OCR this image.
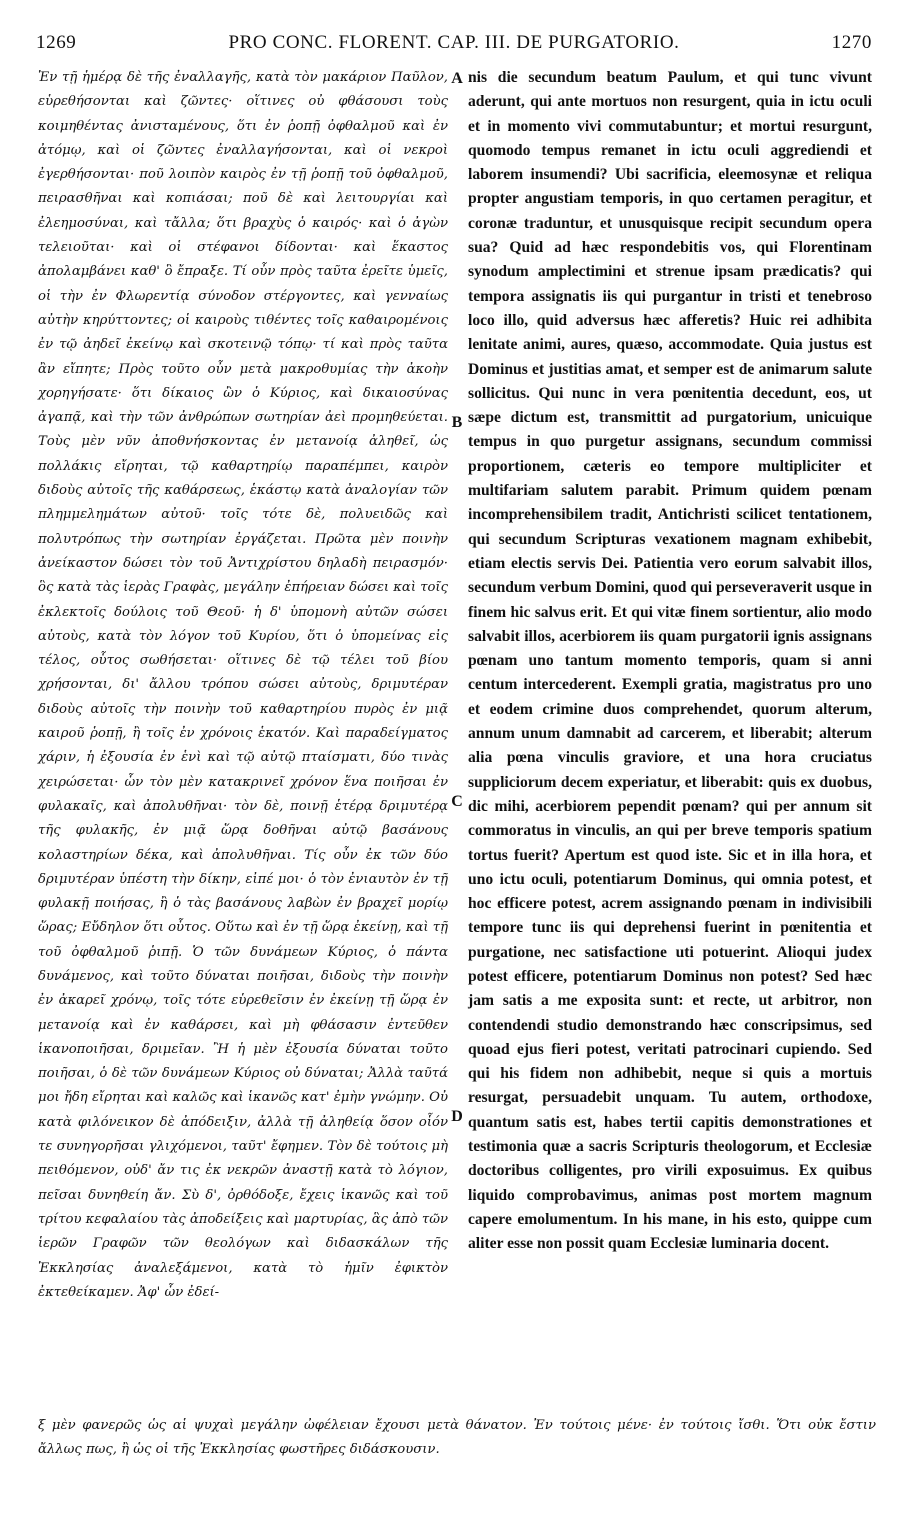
1269	PRO CONC. FLORENT. CAP. III. DE PURGATORIO.	1270

Ἐν τῇ ἡμέρᾳ δὲ τῆς ἐναλλαγῆς, κατὰ τὸν μακάριον Παῦλον, εὑρεθήσονται καὶ ζῶντες· οἵτινες οὐ φθάσουσι τοὺς κοιμηθέντας ἀνισταμένους, ὅτι ἐν ῥοπῇ ὀφθαλμοῦ καὶ ἐν ἀτόμῳ, καὶ οἱ ζῶντες ἐναλλαγήσονται, καὶ οἱ νεκροὶ ἐγερθήσονται· ποῦ λοιπὸν καιρὸς ἐν τῇ ῥοπῇ τοῦ ὀφθαλμοῦ, πειρασθῆναι καὶ κοπιάσαι; ποῦ δὲ καὶ λειτουργίαι καὶ ἐλεημοσύναι, καὶ τἄλλα; ὅτι βραχὺς ὁ καιρός· καὶ ὁ ἀγὼν τελειοῦται· καὶ οἱ στέφανοι δίδονται· καὶ ἕκαστος ἀπολαμβάνει καθ' ὃ ἔπραξε. Τί οὖν πρὸς ταῦτα ἐρεῖτε ὑμεῖς, οἱ τὴν ἐν Φλωρεντίᾳ σύνοδον στέργοντες, καὶ γενναίως αὐτὴν κηρύττοντες; οἱ καιροὺς τιθέντες τοῖς καθαιρομένοις ἐν τῷ ἀηδεῖ ἐκείνῳ καὶ σκοτεινῷ τόπῳ· τί καὶ πρὸς ταῦτα ἂν εἴπητε; Πρὸς τοῦτο οὖν μετὰ μακροθυμίας τὴν ἀκοὴν χορηγήσατε· ὅτι δίκαιος ὢν ὁ Κύριος, καὶ δικαιοσύνας ἀγαπᾷ, καὶ τὴν τῶν ἀνθρώπων σωτηρίαν ἀεὶ προμηθεύεται. Τοὺς μὲν νῦν ἀποθνήσκοντας ἐν μετανοίᾳ ἀληθεῖ, ὡς πολλάκις εἴρηται, τῷ καθαρτηρίῳ παραπέμπει, καιρὸν διδοὺς αὐτοῖς τῆς καθάρσεως, ἑκάστῳ κατὰ ἀναλογίαν τῶν πλημμελημάτων αὐτοῦ· τοῖς τότε δὲ, πολυειδῶς καὶ πολυτρόπως τὴν σωτηρίαν ἐργάζεται. Πρῶτα μὲν ποινὴν ἀνείκαστον δώσει τὸν τοῦ Ἀντιχρίστου δηλαδὴ πειρασμόν· ὃς κατὰ τὰς ἱερὰς Γραφὰς, μεγάλην ἐπήρειαν δώσει καὶ τοῖς ἐκλεκτοῖς δούλοις τοῦ Θεοῦ· ἡ δ' ὑπομονὴ αὐτῶν σώσει αὐτοὺς, κατὰ τὸν λόγον τοῦ Κυρίου, ὅτι ὁ ὑπομείνας εἰς τέλος, οὗτος σωθήσεται· οἵτινες δὲ τῷ τέλει τοῦ βίου χρήσονται, δι' ἄλλου τρόπου σώσει αὐτοὺς, δριμυτέραν διδοὺς αὐτοῖς τὴν ποινὴν τοῦ καθαρτηρίου πυρὸς ἐν μιᾷ καιροῦ ῥοπῇ, ἢ τοῖς ἐν χρόνοις ἑκατόν. Καὶ παραδείγματος χάριν, ἡ ἐξουσία ἐν ἑνὶ καὶ τῷ αὐτῷ πταίσματι, δύο τινὰς χειρώσεται· ὧν τὸν μὲν κατακρινεῖ χρόνον ἕνα ποιῆσαι ἐν φυλακαῖς, καὶ ἀπολυθῆναι· τὸν δὲ, ποινῇ ἑτέρᾳ δριμυτέρᾳ τῆς φυλακῆς, ἐν μιᾷ ὥρᾳ δοθῆναι αὐτῷ βασάνους κολαστηρίων δέκα, καὶ ἀπολυθῆναι. Τίς οὖν ἐκ τῶν δύο δριμυτέραν ὑπέστη τὴν δίκην, εἰπέ μοι· ὁ τὸν ἐνιαυτὸν ἐν τῇ φυλακῇ ποιήσας, ἢ ὁ τὰς βασάνους λαβὼν ἐν βραχεῖ μορίῳ ὥρας; Εὔδηλον ὅτι οὗτος. Οὕτω καὶ ἐν τῇ ὥρᾳ ἐκείνῃ, καὶ τῇ τοῦ ὀφθαλμοῦ ῥιπῇ. Ὁ τῶν δυνάμεων Κύριος, ὁ πάντα δυνάμενος, καὶ τοῦτο δύναται ποιῆσαι, διδοὺς τὴν ποινὴν ἐν ἀκαρεῖ χρόνῳ, τοῖς τότε εὑρεθεῖσιν ἐν ἐκείνῃ τῇ ὥρᾳ ἐν μετανοίᾳ καὶ ἐν καθάρσει, καὶ μὴ φθάσασιν ἐντεῦθεν ἱκανοποιῆσαι, δριμεῖαν. Ἢ ἡ μὲν ἐξουσία δύναται τοῦτο ποιῆσαι, ὁ δὲ τῶν δυνάμεων Κύριος οὐ δύναται; Ἀλλὰ ταῦτά μοι ἤδη εἴρηται καὶ καλῶς καὶ ἱκανῶς κατ' ἐμὴν γνώμην. Οὐ κατὰ φιλόνεικον δὲ ἀπόδειξιν, ἀλλὰ τῇ ἀληθείᾳ ὅσον οἷόν τε συνηγορῆσαι γλιχόμενοι, ταῦτ' ἔφημεν. Τὸν δὲ τούτοις μὴ πειθόμενον, οὐδ' ἄν τις ἐκ νεκρῶν ἀναστῇ κατὰ τὸ λόγιον, πεῖσαι δυνηθείη ἄν. Σὺ δ', ὀρθόδοξε, ἔχεις ἱκανῶς καὶ τοῦ τρίτου κεφαλαίου τὰς ἀποδείξεις καὶ μαρτυρίας, ἃς ἀπὸ τῶν ἱερῶν Γραφῶν τῶν θεολόγων καὶ διδασκάλων τῆς Ἐκκλησίας ἀναλεξάμενοι, κατὰ τὸ ἡμῖν ἐφικτὸν ἐκτεθείκαμεν. Ἀφ' ὧν ἐδεί-

A
B
C
D

nis die secundum beatum Paulum, et qui tunc vivunt aderunt, qui ante mortuos non resurgent, quia in ictu oculi et in momento vivi commutabuntur; et mortui resurgunt, quomodo tempus remanet in ictu oculi aggrediendi et laborem insumendi? Ubi sacrificia, eleemosynæ et reliqua propter angustiam temporis, in quo certamen peragitur, et coronæ traduntur, et unusquisque recipit secundum opera sua? Quid ad hæc respondebitis vos, qui Florentinam synodum amplectimini et strenue ipsam prædicatis? qui tempora assignatis iis qui purgantur in tristi et tenebroso loco illo, quid adversus hæc afferetis? Huic rei adhibita lenitate animi, aures, quæso, accommodate. Quia justus est Dominus et justitias amat, et semper est de animarum salute sollicitus. Qui nunc in vera pœnitentia decedunt, eos, ut sæpe dictum est, transmittit ad purgatorium, unicuique tempus in quo purgetur assignans, secundum commissi proportionem, cæteris eo tempore multipliciter et multifariam salutem parabit. Primum quidem pœnam incomprehensibilem tradit, Antichristi scilicet tentationem, qui secundum Scripturas vexationem magnam exhibebit, etiam electis servis Dei. Patientia vero eorum salvabit illos, secundum verbum Domini, quod qui perseveraverit usque in finem hic salvus erit. Et qui vitæ finem sortientur, alio modo salvabit illos, acerbiorem iis quam purgatorii ignis assignans pœnam uno tantum momento temporis, quam si anni centum intercederent. Exempli gratia, magistratus pro uno et eodem crimine duos comprehendet, quorum alterum, annum unum damnabit ad carcerem, et liberabit; alterum alia pœna vinculis graviore, et una hora cruciatus suppliciorum decem experiatur, et liberabit: quis ex duobus, dic mihi, acerbiorem pependit pœnam? qui per annum sit commoratus in vinculis, an qui per breve temporis spatium tortus fuerit? Apertum est quod iste. Sic et in illa hora, et uno ictu oculi, potentiarum Dominus, qui omnia potest, et hoc efficere potest, acrem assignando pœnam in indivisibili tempore tunc iis qui deprehensi fuerint in pœnitentia et purgatione, nec satisfactione uti potuerint. Alioqui judex potest efficere, potentiarum Dominus non potest? Sed hæc jam satis a me exposita sunt: et recte, ut arbitror, non contendendi studio demonstrando hæc conscripsimus, sed quoad ejus fieri potest, veritati patrocinari cupiendo. Sed qui his fidem non adhibebit, neque si quis a mortuis resurgat, persuadebit unquam. Tu autem, orthodoxe, quantum satis est, habes tertii capitis demonstrationes et testimonia quæ a sacris Scripturis theologorum, et Ecclesiæ doctoribus colligentes, pro virili exposuimus. Ex quibus liquido comprobavimus, animas post mortem magnum capere emolumentum. In his mane, in his esto, quippe cum aliter esse non possit quam Ecclesiæ luminaria docent.

ξ μὲν φανερῶς ὡς αἱ ψυχαὶ μεγάλην ὠφέλειαν ἔχουσι μετὰ θάνατον. Ἐν τούτοις μένε· ἐν τούτοις ἴσθι. Ὅτι οὐκ ἔστιν ἄλλως πως, ἢ ὡς οἱ τῆς Ἐκκλησίας φωστῆρες διδάσκουσιν.
